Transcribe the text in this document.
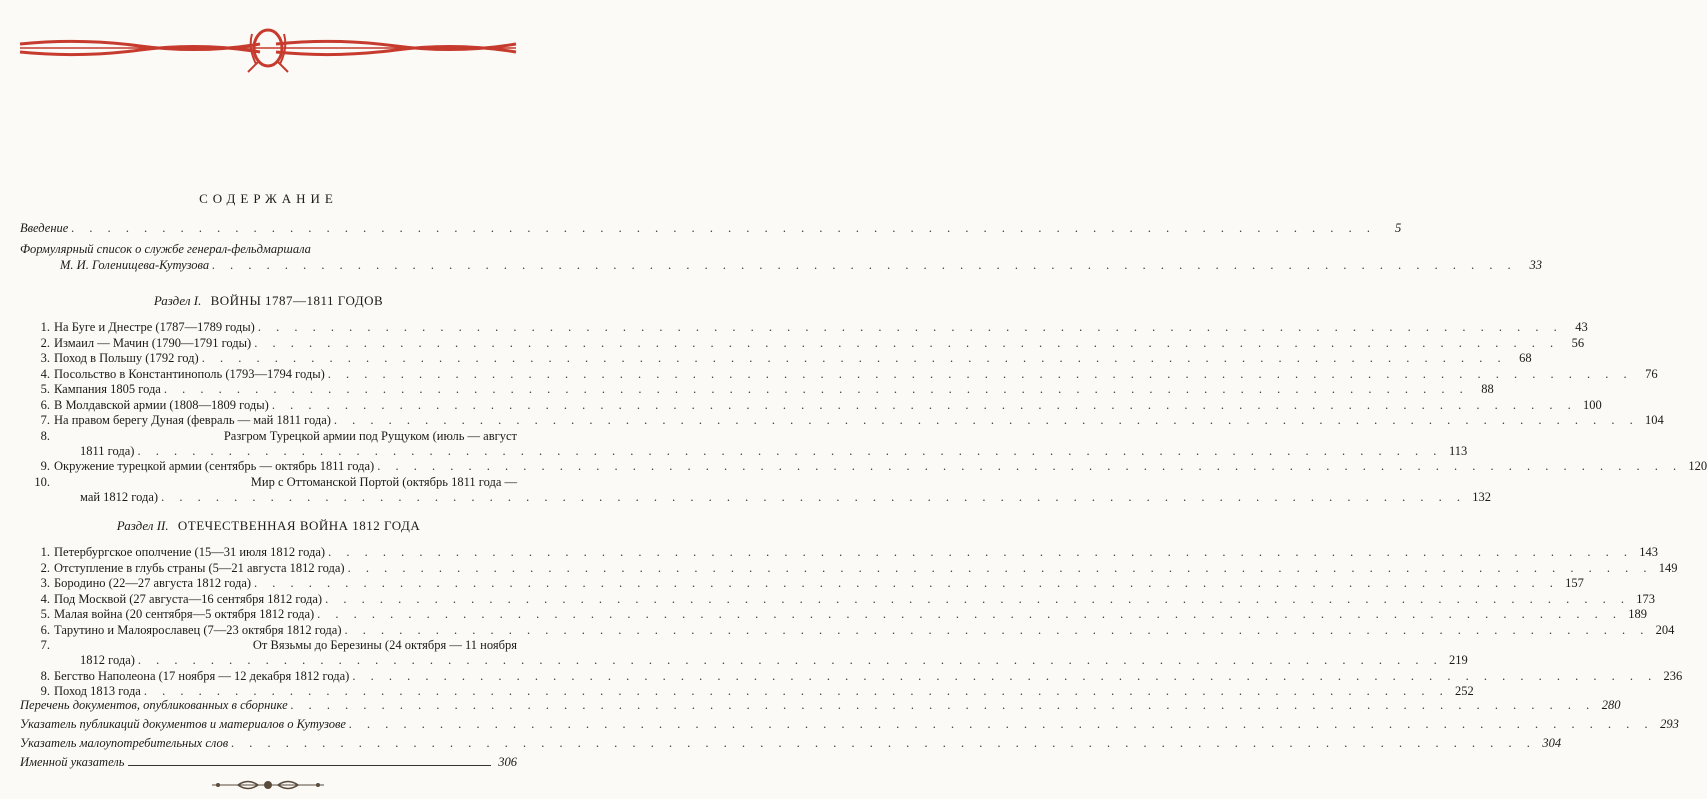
СОДЕРЖАНИЕ
Введение . . . . . . . . . . . . . . . . . . . . . . . . . . . . . . . . . . . . . . . . . . . . . . . . . . . . . . . . . . . . . . . . . . . . . . . .	5
Формулярный список о службе генерал-фельдмаршала
М. И. Голенищева-Кутузова . . . . . . . . . . . . . . . . . . . . . . . . . . . . . . . . . . . . . . . . . . . . . . . . . . . . . . . . . . . . . . . . . . . . . . . .	33
1. На Буге и Днестре (1787—1789 годы) . . . . . . . . . . . . . . . . . . . . . . . . . . . . . . . . . . . . . . . . . . . . . . . . . . . . . . . . . . . . . . . . . . . . . . . .	43
2. Измаил — Мачин (1790—1791 годы) . . . . . . . . . . . . . . . . . . . . . . . . . . . . . . . . . . . . . . . . . . . . . . . . . . . . . . . . . . . . . . . . . . . . . . . .	56
3. Поход в Польшу (1792 год) . . . . . . . . . . . . . . . . . . . . . . . . . . . . . . . . . . . . . . . . . . . . . . . . . . . . . . . . . . . . . . . . . . . . . . . .	68
4. Посольство в Константинополь (1793—1794 годы) . . . . . . . . . . . . . . . . . . . . . . . . . . . . . . . . . . . . . . . . . . . . . . . . . . . . . . . . . . . . . . . . . . . . . . . .	76
5. Кампания 1805 года . . . . . . . . . . . . . . . . . . . . . . . . . . . . . . . . . . . . . . . . . . . . . . . . . . . . . . . . . . . . . . . . . . . . . . . .	88
6. В Молдавской армии (1808—1809 годы) . . . . . . . . . . . . . . . . . . . . . . . . . . . . . . . . . . . . . . . . . . . . . . . . . . . . . . . . . . . . . . . . . . . . . . . . 100
7. На правом берегу Дуная (февраль — май 1811 года) . . . . . . . . . . . . . . . . . . . . . . . . . . . . . . . . . . . . . . . . . . . . . . . . . . . . . . . . . . . . . . . . . . . . . . . . 104
8.	Разгром Турецкой армии под Рущуком (июль — август
1811 года) . . . . . . . . . . . . . . . . . . . . . . . . . . . . . . . . . . . . . . . . . . . . . . . . . . . . . . . . . . . . . . . . . . . . . . . . 113
9. Окружение турецкой армии (сентябрь — октябрь 1811 года) . . . . . . . . . . . . . . . . . . . . . . . . . . . . . . . . . . . . . . . . . . . . . . . . . . . . . . . . . . . . . . . . . . . . . . . . 120
10.	Мир с Оттоманской Портой (октябрь 1811 года —
май 1812 года) . . . . . . . . . . . . . . . . . . . . . . . . . . . . . . . . . . . . . . . . . . . . . . . . . . . . . . . . . . . . . . . . . . . . . . . . 132
1. Петербургское ополчение (15—31 июля 1812 года) . . . . . . . . . . . . . . . . . . . . . . . . . . . . . . . . . . . . . . . . . . . . . . . . . . . . . . . . . . . . . . . . . . . . . . . . 143
2. Отступление в глубь страны (5—21 августа 1812 года) . . . . . . . . . . . . . . . . . . . . . . . . . . . . . . . . . . . . . . . . . . . . . . . . . . . . . . . . . . . . . . . . . . . . . . . . 149
3. Бородино (22—27 августа 1812 года) . . . . . . . . . . . . . . . . . . . . . . . . . . . . . . . . . . . . . . . . . . . . . . . . . . . . . . . . . . . . . . . . . . . . . . . . 157
4. Под Москвой (27 августа—16 сентября 1812 года) . . . . . . . . . . . . . . . . . . . . . . . . . . . . . . . . . . . . . . . . . . . . . . . . . . . . . . . . . . . . . . . . . . . . . . . . 173
5. Малая война (20 сентября—5 октября 1812 года) . . . . . . . . . . . . . . . . . . . . . . . . . . . . . . . . . . . . . . . . . . . . . . . . . . . . . . . . . . . . . . . . . . . . . . . . 189
6. Тарутино и Малоярославец (7—23 октября 1812 года) . . . . . . . . . . . . . . . . . . . . . . . . . . . . . . . . . . . . . . . . . . . . . . . . . . . . . . . . . . . . . . . . . . . . . . . . 204
7.	От Вязьмы до Березины (24 октября — 11 ноября
1812 года) . . . . . . . . . . . . . . . . . . . . . . . . . . . . . . . . . . . . . . . . . . . . . . . . . . . . . . . . . . . . . . . . . . . . . . . . 219
8. Бегство Наполеона (17 ноября — 12 декабря 1812 года) . . . . . . . . . . . . . . . . . . . . . . . . . . . . . . . . . . . . . . . . . . . . . . . . . . . . . . . . . . . . . . . . . . . . . . . . 236
9. Поход 1813 года . . . . . . . . . . . . . . . . . . . . . . . . . . . . . . . . . . . . . . . . . . . . . . . . . . . . . . . . . . . . . . . . . . . . . . . . 252
Перечень документов, опубликованных в сборнике . . . . . . . . . . . . . . . . . . . . . . . . . . . . . . . . . . . . . . . . . . . . . . . . . . . . . . . . . . . . . . . . . . . . . . . . 280
Указатель публикаций документов и материалов о Кутузове . . . . . . . . . . . . . . . . . . . . . . . . . . . . . . . . . . . . . . . . . . . . . . . . . . . . . . . . . . . . . . . . . . . . . . . . 293
Указатель малоупотребительных слов . . . . . . . . . . . . . . . . . . . . . . . . . . . . . . . . . . . . . . . . . . . . . . . . . . . . . . . . . . . . . . . . . . . . . . . . 304
Именной указатель	306
Раздел I. ВОЙНЫ 1787—1811 ГОДОВ
Раздел II. ОТЕЧЕСТВЕННАЯ ВОЙНА 1812 ГОДА
